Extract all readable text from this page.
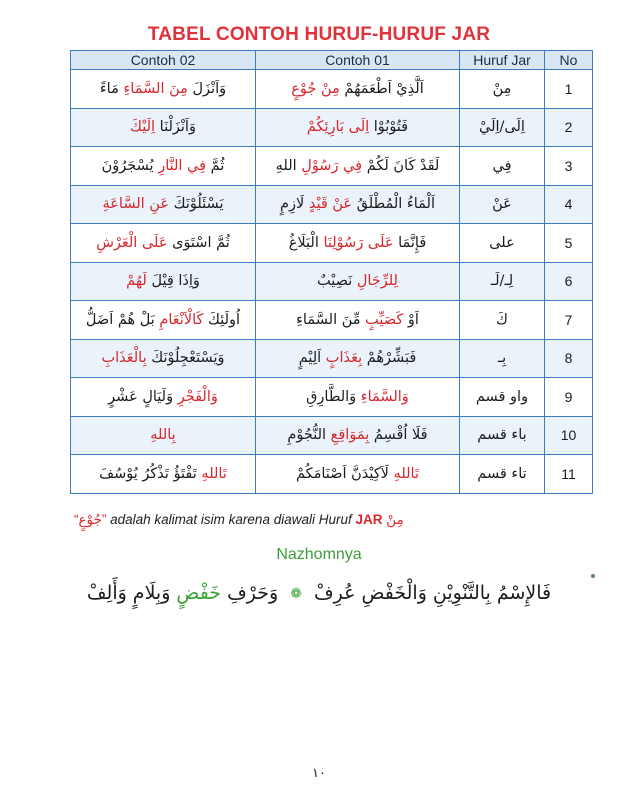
TABEL CONTOH HURUF-HURUF JAR
Contoh 02	Contoh 01	Huruf Jar	No
وَاَنْزَلَ مِنَ السَّمَاءِ مَاءً	اَلَّذِيْ اَطْعَمَهُمْ مِنْ جُوْعٍ	مِنْ	1
وَاَنْزَلْنَا اِلَيْكَ	فَتُوْبُوْا اِلَى بَارِئِكُمْ	اِلَى/اِلَيْ	2
ثُمَّ فِي النَّارِ يُسْجَرُوْنَ	لَقَدْ كَانَ لَكُمْ فِي رَسُوْلِ اللهِ	فِي	3
يَسْئَلُوْنَكَ عَنِ السَّاعَةِ	اَلْمَاءُ الْمُطْلَقُ عَنْ قَيْدٍ لَازِمٍ	عَنْ	4
ثُمَّ اسْتَوَى عَلَى الْعَرْشِ	فَإِنَّمَا عَلَى رَسُوْلِنَا الْبَلَاغُ	على	5
وَاِذَا قِيْلَ لَهُمْ	لِلرِّجَالِ نَصِيْبٌ	لِـ/لَـ	6
اُولَئِكَ كَالْاَنْعَامِ بَلْ هُمْ اَضَلُّ	اَوْ كَصَيِّبٍ مِّنَ السَّمَاءِ	كَ	7
وَيَسْتَعْجِلُوْنَكَ بِالْعَذَابِ	فَبَشِّرْهُمْ بِعَذَابٍ اَلِيْمٍ	بِـ	8
وَالْفَجْرِ وَلَيَالٍ عَشْرٍ	وَالسَّمَاءِ وَالطَّارِقِ	واو قسم	9
بِاللهِ	فَلَا اُقْسِمُ بِمَوَاقِعِ النُّجُوْمِ	باء قسم	10
تَاللهِ تَفْتَؤُ تَذْكُرُ يُوْسُفَ	تَاللهِ لَاَكِيْدَنَّ اَصْنَامَكُمْ	تاء قسم	11
“جُوْعٍ” adalah kalimat isim karena diawali Huruf JAR مِنْ
Nazhomnya
فَالإِسْمُ بِالتَّنْوِيْنِ وَالْخَفْضِ عُرِفْ❁وَحَرْفِ خَفْضٍ وَبِلَامٍ وَأَلِفْ
١٠
